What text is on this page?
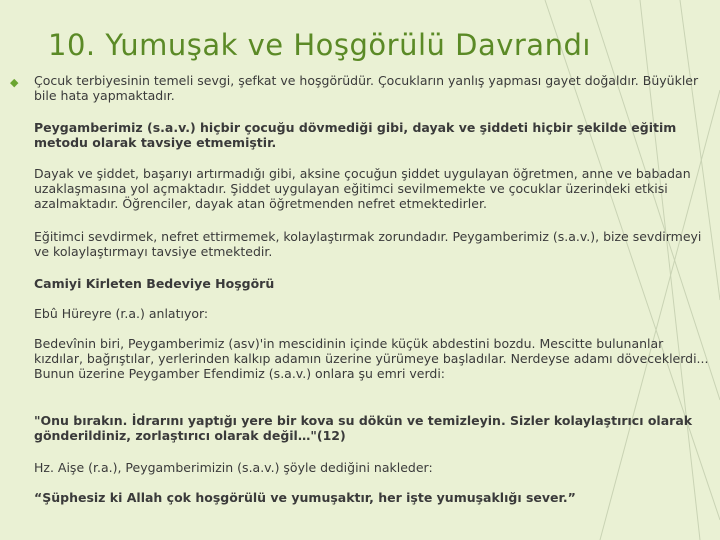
10. Yumuşak ve Hoşgörülü Davrandı
◆ Çocuk terbiyesinin temeli sevgi, şefkat ve hoşgörüdür. Çocukların yanlış yapması gayet doğaldır. Büyükler bile hata yapmaktadır.

Peygamberimiz (s.a.v.) hiçbir çocuğu dövmediği gibi, dayak ve şiddeti hiçbir şekilde eğitim metodu olarak tavsiye etmemiştir.

Dayak ve şiddet, başarıyı artırmadığı gibi, aksine çocuğun şiddet uygulayan öğretmen, anne ve babadan uzaklaşmasına yol açmaktadır. Şiddet uygulayan eğitimci sevilmemekte ve çocuklar üzerindeki etkisi azalmaktadır. Öğrenciler, dayak atan öğretmenden nefret etmektedirler.

Eğitimci sevdirmek, nefret ettirmemek, kolaylaştırmak zorundadır. Peygamberimiz (s.a.v.), bize sevdirmeyi ve kolaylaştırmayı tavsiye etmektedir.

Camiyi Kirleten Bedeviye Hoşgörü

Ebû Hüreyre (r.a.) anlatıyor:

Bedevînin biri, Peygamberimiz (asv)'in mescidinin içinde küçük abdestini bozdu. Mescitte bulunanlar kızdılar, bağrıştılar, yerlerinden kalkıp adamın üzerine yürümeye başladılar. Nerdeyse adamı döveceklerdi... Bunun üzerine Peygamber Efendimiz (s.a.v.) onlara şu emri verdi:

"Onu bırakın. İdrarını yaptığı yere bir kova su dökün ve temizleyin. Sizler kolaylaştırıcı olarak gönderildiniz, zorlaştırıcı olarak değil…"(12)

Hz. Aişe (r.a.), Peygamberimizin (s.a.v.) şöyle dediğini nakleder:

“Şüphesiz ki Allah çok hoşgörülü ve yumuşaktır, her işte yumuşaklığı sever.”
